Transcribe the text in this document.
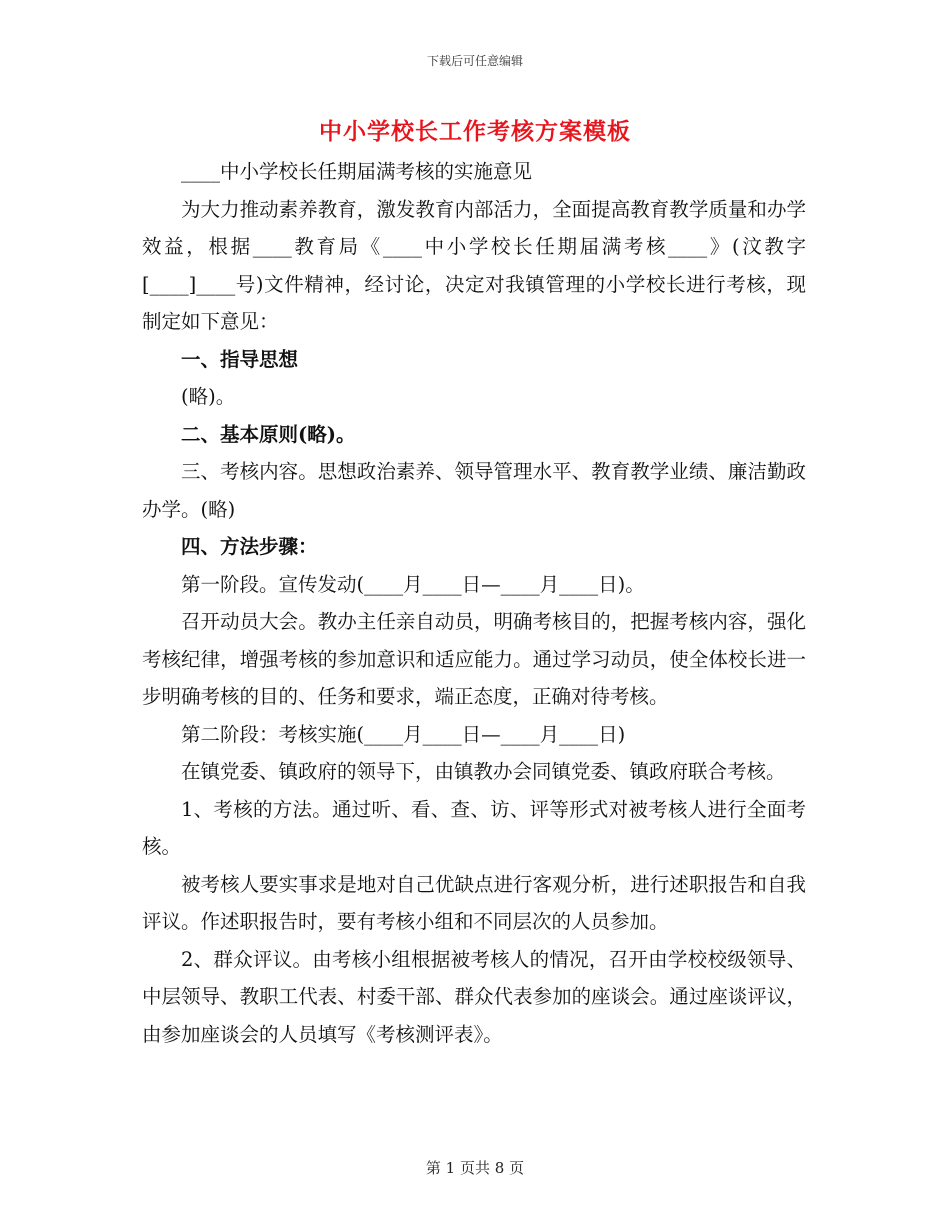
下载后可任意编辑
中小学校长工作考核方案模板

____中小学校长任期届满考核的实施意见

为大力推动素养教育，激发教育内部活力，全面提高教育教学质量和办学效益，根据____教育局《____中小学校长任期届满考核____》(汶教字[____]____号)文件精神，经讨论，决定对我镇管理的小学校长进行考核，现制定如下意见：

一、指导思想

(略)。

二、基本原则(略)。

三、考核内容。思想政治素养、领导管理水平、教育教学业绩、廉洁勤政办学。(略)

四、方法步骤：

第一阶段。宣传发动(____月____日—____月____日)。

召开动员大会。教办主任亲自动员，明确考核目的，把握考核内容，强化考核纪律，增强考核的参加意识和适应能力。通过学习动员，使全体校长进一步明确考核的目的、任务和要求，端正态度，正确对待考核。

第二阶段：考核实施(____月____日—____月____日)

在镇党委、镇政府的领导下，由镇教办会同镇党委、镇政府联合考核。

1、考核的方法。通过听、看、查、访、评等形式对被考核人进行全面考核。

被考核人要实事求是地对自己优缺点进行客观分析，进行述职报告和自我评议。作述职报告时，要有考核小组和不同层次的人员参加。

2、群众评议。由考核小组根据被考核人的情况，召开由学校校级领导、中层领导、教职工代表、村委干部、群众代表参加的座谈会。通过座谈评议，由参加座谈会的人员填写《考核测评表》。

第 1 页共 8 页
